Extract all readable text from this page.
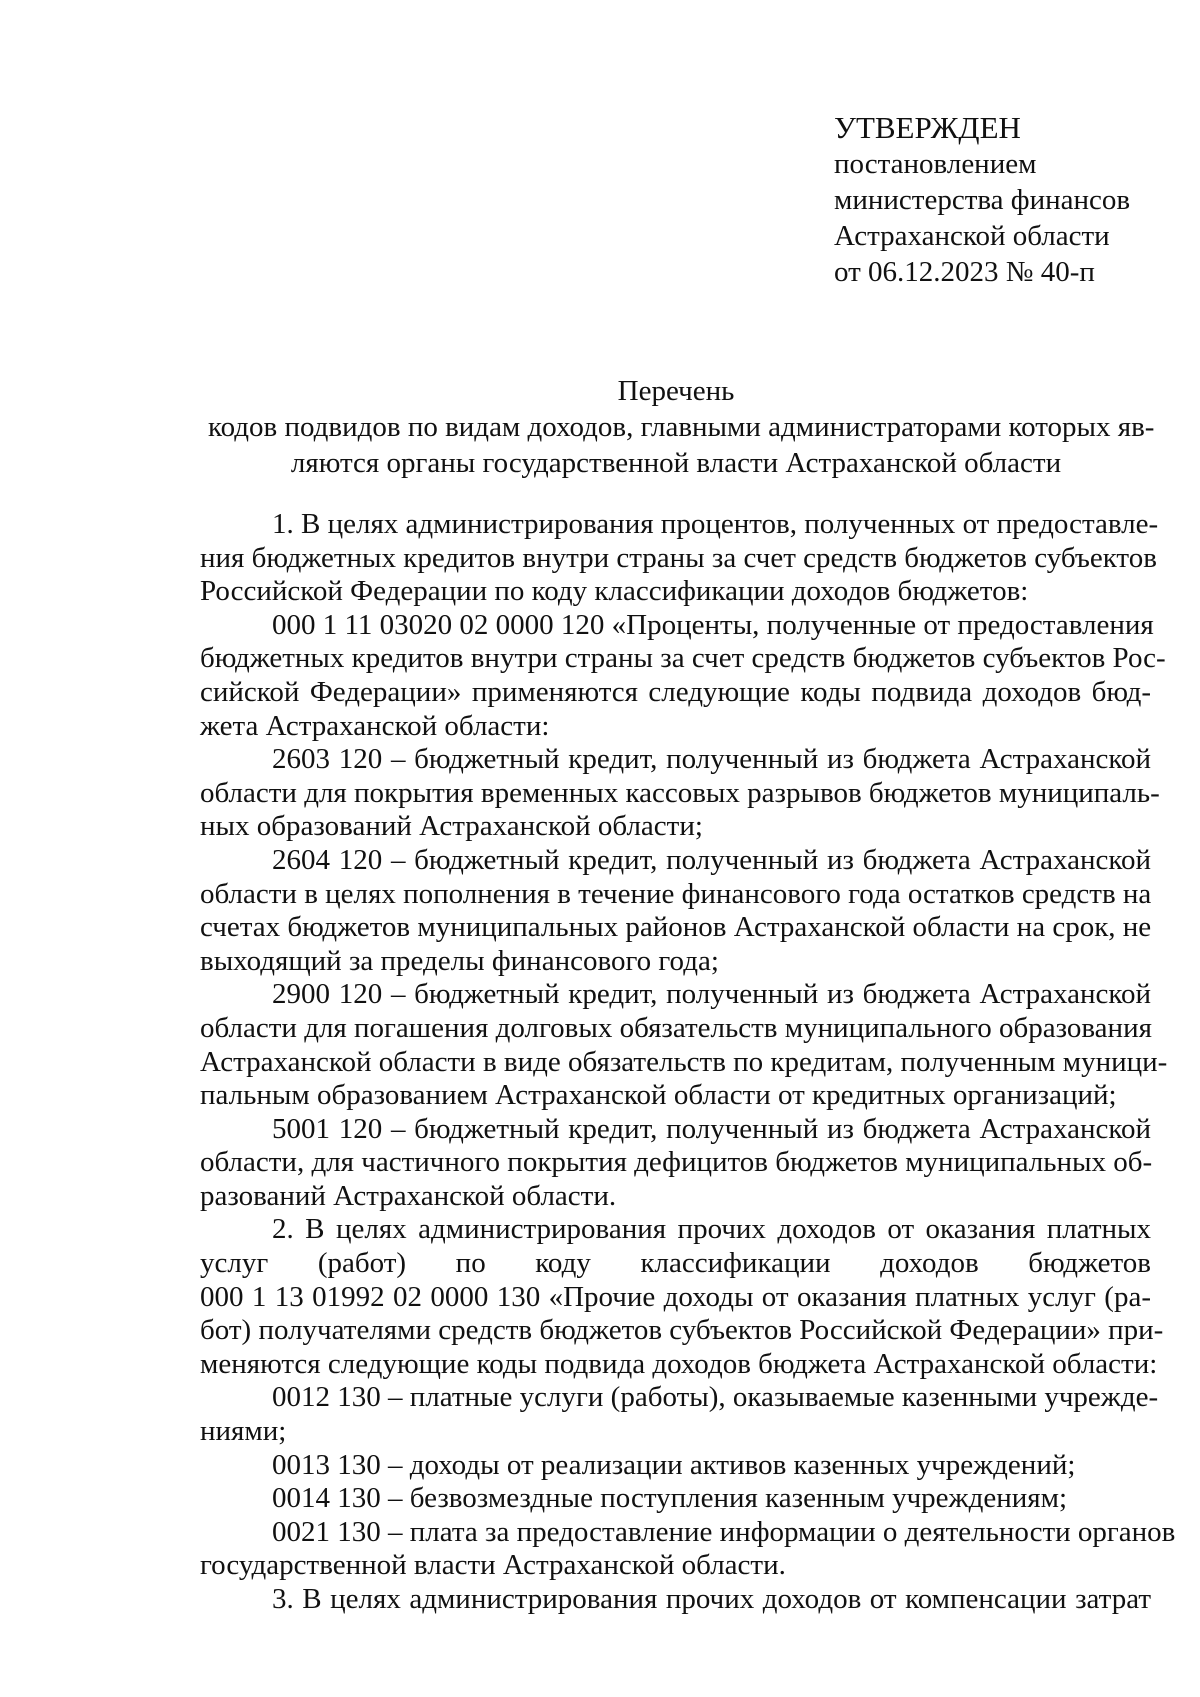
УТВЕРЖДЕН
постановлением
министерства финансов
Астраханской области
от 06.12.2023 № 40-п
Перечень
кодов подвидов по видам доходов, главными администраторами которых яв-
ляются органы государственной власти Астраханской области
1. В целях администрирования процентов, полученных от предоставле-
ния бюджетных кредитов внутри страны за счет средств бюджетов субъектов
Российской Федерации по коду классификации доходов бюджетов:
000 1 11 03020 02 0000 120 «Проценты, полученные от предоставления
бюджетных кредитов внутри страны за счет средств бюджетов субъектов Рос-
сийской Федерации» применяются следующие коды подвида доходов бюд-
жета Астраханской области:
2603 120 – бюджетный кредит, полученный из бюджета Астраханской
области для покрытия временных кассовых разрывов бюджетов муниципаль-
ных образований Астраханской области;
2604 120 – бюджетный кредит, полученный из бюджета Астраханской
области в целях пополнения в течение финансового года остатков средств на
счетах бюджетов муниципальных районов Астраханской области на срок, не
выходящий за пределы финансового года;
2900 120 – бюджетный кредит, полученный из бюджета Астраханской
области для погашения долговых обязательств муниципального образования
Астраханской области в виде обязательств по кредитам, полученным муници-
пальным образованием Астраханской области от кредитных организаций;
5001 120 – бюджетный кредит, полученный из бюджета Астраханской
области, для частичного покрытия дефицитов бюджетов муниципальных об-
разований Астраханской области.
2. В целях администрирования прочих доходов от оказания платных
услуг (работ) по коду классификации доходов бюджетов
000 1 13 01992 02 0000 130 «Прочие доходы от оказания платных услуг (ра-
бот) получателями средств бюджетов субъектов Российской Федерации» при-
меняются следующие коды подвида доходов бюджета Астраханской области:
0012 130 – платные услуги (работы), оказываемые казенными учрежде-
ниями;
0013 130 – доходы от реализации активов казенных учреждений;
0014 130 – безвозмездные поступления казенным учреждениям;
0021 130 – плата за предоставление информации о деятельности органов
государственной власти Астраханской области.
3. В целях администрирования прочих доходов от компенсации затрат
